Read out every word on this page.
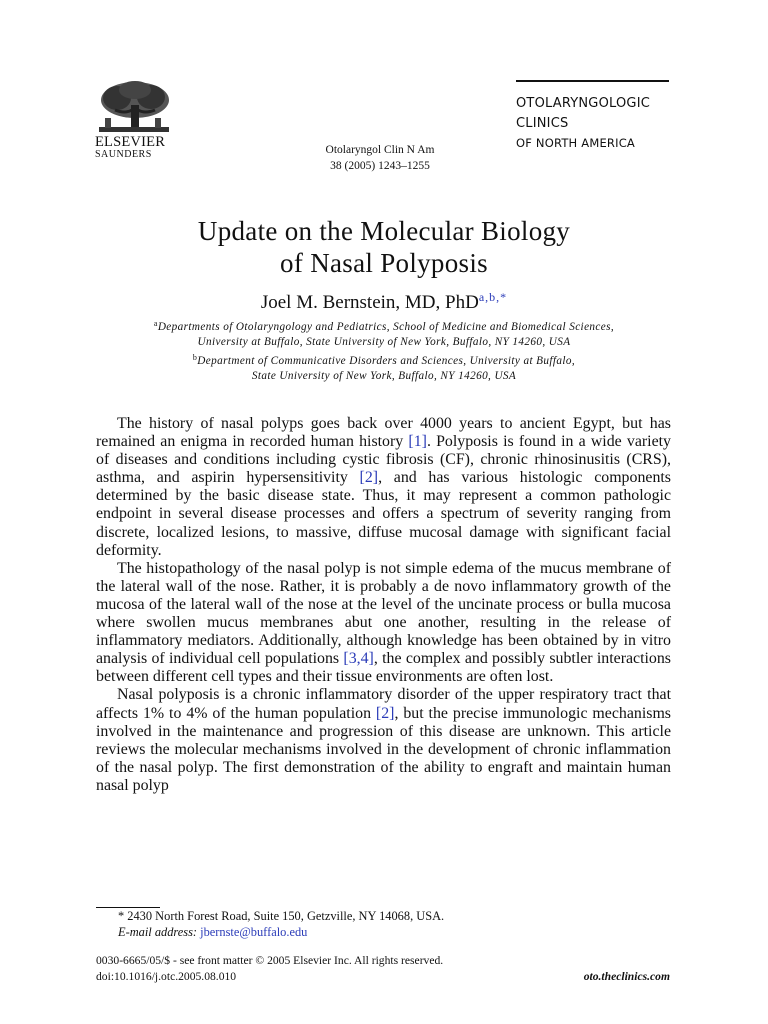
ELSEVIER
SAUNDERS	Otolaryngol Clin N Am
38 (2005) 1243–1255
OTOLARYNGOLOGIC
CLINICS
OF NORTH AMERICA
Update on the Molecular Biology
of Nasal Polyposis
Joel M. Bernstein, MD, PhD$^{a,b,*}$
$^a$Departments of Otolaryngology and Pediatrics, School of Medicine and Biomedical Sciences,
University at Buffalo, State University of New York, Buffalo, NY 14260, USA
$^b$Department of Communicative Disorders and Sciences, University at Buffalo,
State University of New York, Buffalo, NY 14260, USA

The history of nasal polyps goes back over 4000 years to ancient Egypt, but has remained an enigma in recorded human history [1]. Polyposis is found in a wide variety of diseases and conditions including cystic fibrosis (CF), chronic rhinosinusitis (CRS), asthma, and aspirin hypersensitivity [2], and has various histologic components determined by the basic disease state. Thus, it may represent a common pathologic endpoint in several disease processes and offers a spectrum of severity ranging from discrete, localized lesions, to massive, diffuse mucosal damage with significant facial deformity.

The histopathology of the nasal polyp is not simple edema of the mucus membrane of the lateral wall of the nose. Rather, it is probably a de novo inflammatory growth of the mucosa of the lateral wall of the nose at the level of the uncinate process or bulla mucosa where swollen mucus membranes abut one another, resulting in the release of inflammatory mediators. Additionally, although knowledge has been obtained by in vitro analysis of individual cell populations [3,4], the complex and possibly subtler interactions between different cell types and their tissue environments are often lost.

Nasal polyposis is a chronic inflammatory disorder of the upper respiratory tract that affects 1% to 4% of the human population [2], but the precise immunologic mechanisms involved in the maintenance and progression of this disease are unknown. This article reviews the molecular mechanisms involved in the development of chronic inflammation of the nasal polyp. The first demonstration of the ability to engraft and maintain human nasal polyp

* 2430 North Forest Road, Suite 150, Getzville, NY 14068, USA.
E-mail address: jbernste@buffalo.edu
0030-6665/05/$ - see front matter © 2005 Elsevier Inc. All rights reserved.
doi:10.1016/j.otc.2005.08.010	oto.theclinics.com
